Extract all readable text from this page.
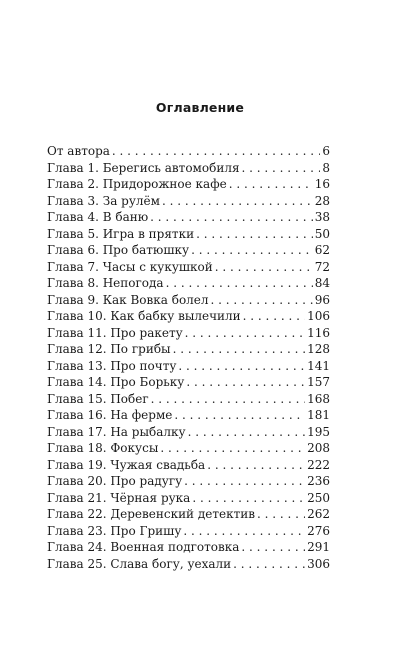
Оглавление
От автора . . .	6
Глава 1. Берегись автомобиля . . .	8
Глава 2. Придорожное кафе . . .	16
Глава 3. За рулём . . .	28
Глава 4. В баню . . .	38
Глава 5. Игра в прятки . . .	50
Глава 6. Про батюшку . . .	62
Глава 7. Часы с кукушкой . . .	72
Глава 8. Непогода . . .	84
Глава 9. Как Вовка болел . . .	96
Глава 10. Как бабку вылечили . . .	106
Глава 11. Про ракету . . .	116
Глава 12. По грибы . . .	128
Глава 13. Про почту . . .	141
Глава 14. Про Борьку . . .	157
Глава 15. Побег . . .	168
Глава 16. На ферме . . .	181
Глава 17. На рыбалку . . .	195
Глава 18. Фокусы . . .	208
Глава 19. Чужая свадьба . . .	222
Глава 20. Про радугу . . .	236
Глава 21. Чёрная рука . . .	250
Глава 22. Деревенский детектив . . .	262
Глава 23. Про Гришу . . .	276
Глава 24. Военная подготовка . . .	291
Глава 25. Слава богу, уехали . . .	306
